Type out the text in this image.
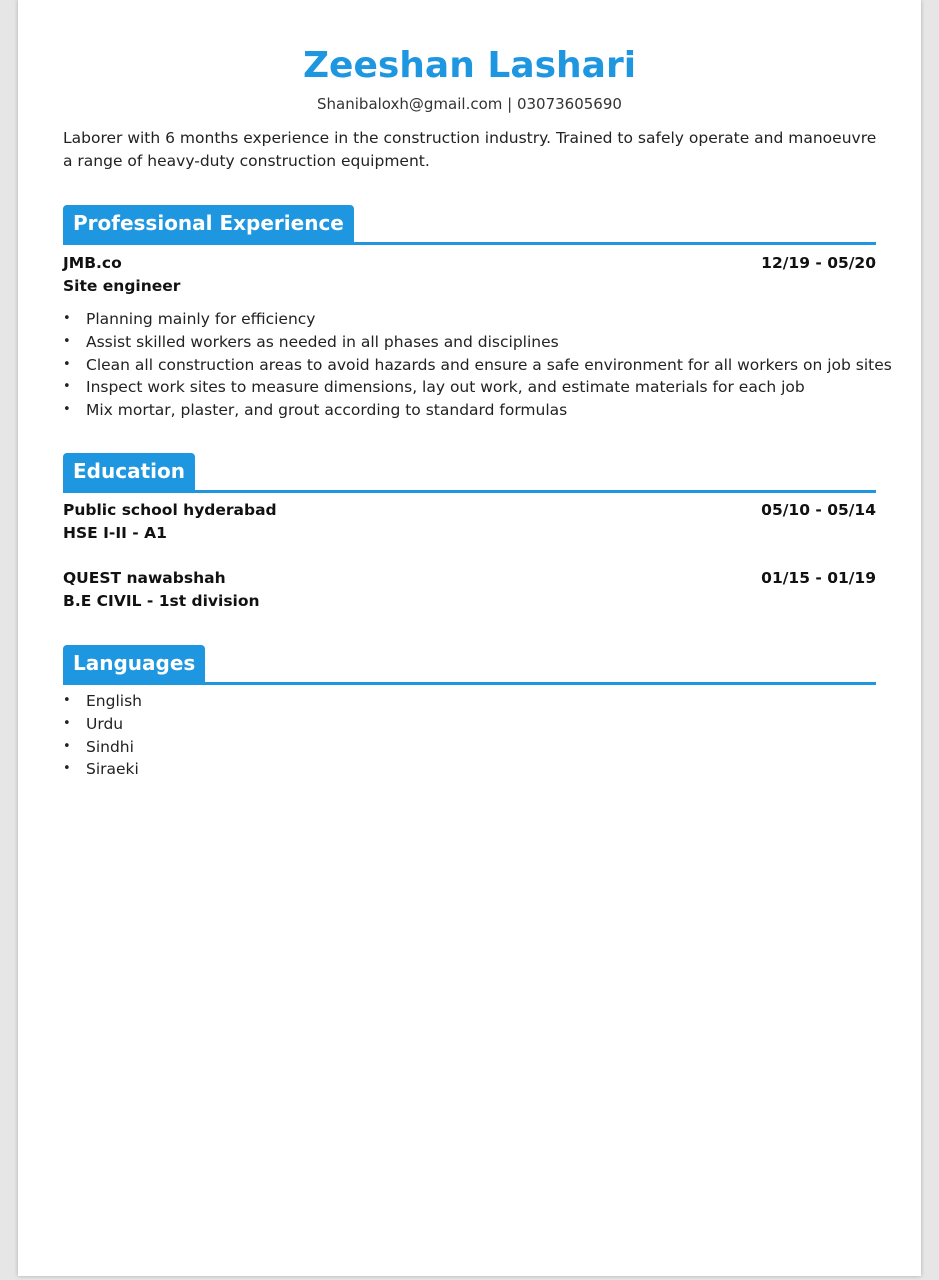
Zeeshan Lashari
Shanibaloxh@gmail.com | 03073605690
Laborer with 6 months experience in the construction industry. Trained to safely operate and manoeuvre a range of heavy-duty construction equipment.
Professional Experience
JMB.co	12/19 - 05/20
Site engineer
• Planning mainly for efficiency
• Assist skilled workers as needed in all phases and disciplines
• Clean all construction areas to avoid hazards and ensure a safe environment for all workers on job sites
• Inspect work sites to measure dimensions, lay out work, and estimate materials for each job
• Mix mortar, plaster, and grout according to standard formulas
Education
Public school hyderabad	05/10 - 05/14
HSE I-II - A1
QUEST nawabshah	01/15 - 01/19
B.E CIVIL - 1st division
Languages
• English
• Urdu
• Sindhi
• Siraeki
